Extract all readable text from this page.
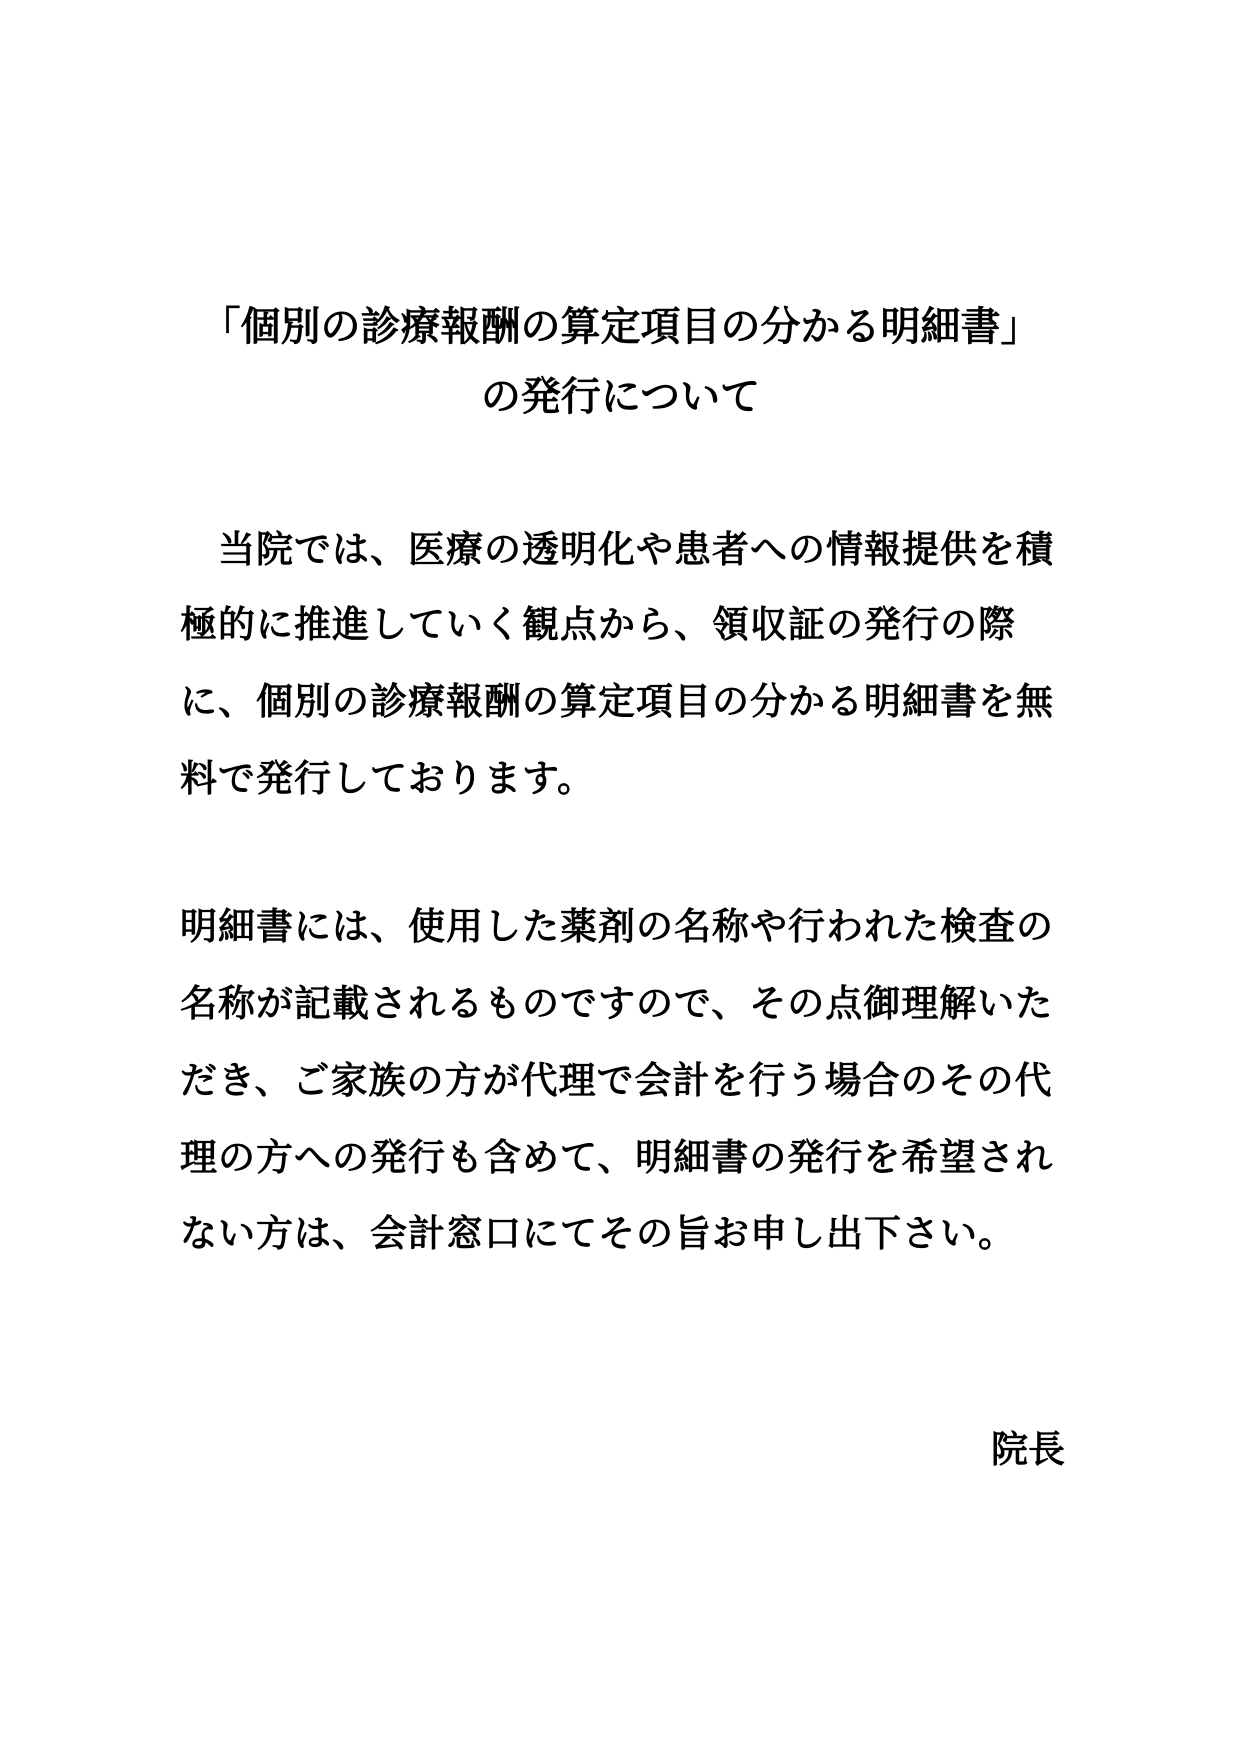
「個別の診療報酬の算定項目の分かる明細書」
の発行について
　当院では、医療の透明化や患者への情報提供を積
極的に推進していく観点から、領収証の発行の際
に、個別の診療報酬の算定項目の分かる明細書を無
料で発行しております。
明細書には、使用した薬剤の名称や行われた検査の
名称が記載されるものですので、その点御理解いた
だき、ご家族の方が代理で会計を行う場合のその代
理の方への発行も含めて、明細書の発行を希望され
ない方は、会計窓口にてその旨お申し出下さい。
院長
